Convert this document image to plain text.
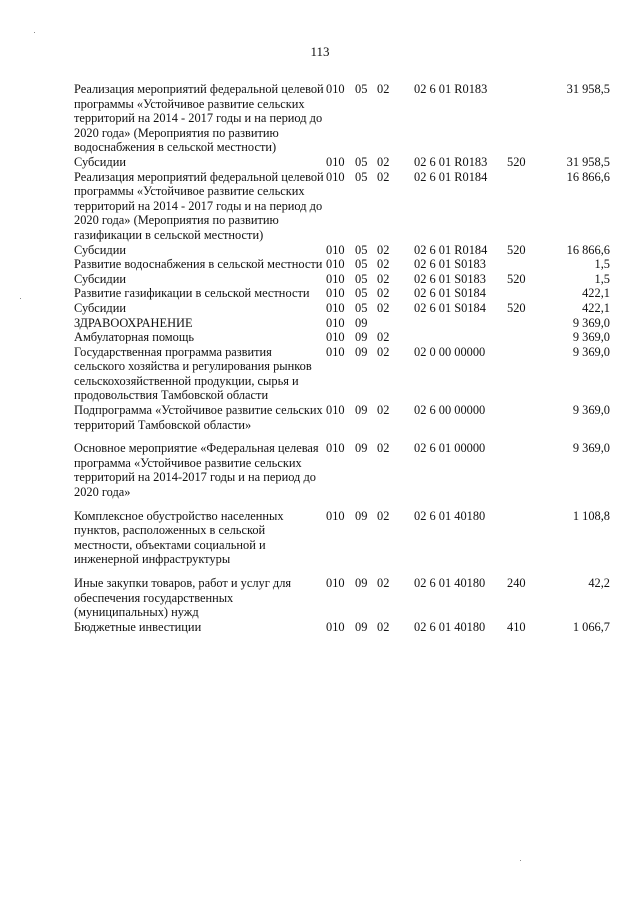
113
Реализация мероприятий федеральной целевой программы «Устойчивое развитие сельских территорий на 2014 - 2017 годы и на период до 2020 года» (Мероприятия по развитию водоснабжения в сельской местности)	010	05	02	02 6 01 R0183		31 958,5
Субсидии	010	05	02	02 6 01 R0183	520	31 958,5
Реализация мероприятий федеральной целевой программы «Устойчивое развитие сельских территорий на 2014 - 2017 годы и на период до 2020 года» (Мероприятия по развитию газификации в сельской местности)	010	05	02	02 6 01 R0184		16 866,6
Субсидии	010	05	02	02 6 01 R0184	520	16 866,6
Развитие водоснабжения в сельской местности	010	05	02	02 6 01 S0183		1,5
Субсидии	010	05	02	02 6 01 S0183	520	1,5
Развитие газификации в сельской местности	010	05	02	02 6 01 S0184		422,1
Субсидии	010	05	02	02 6 01 S0184	520	422,1
ЗДРАВООХРАНЕНИЕ	010	09				9 369,0
Амбулаторная помощь	010	09	02			9 369,0
Государственная программа развития сельского хозяйства и регулирования рынков сельскохозяйственной продукции, сырья и продовольствия Тамбовской области	010	09	02	02 0 00 00000		9 369,0
Подпрограмма «Устойчивое развитие сельских территорий Тамбовской области»	010	09	02	02 6 00 00000		9 369,0

Основное мероприятие «Федеральная целевая программа «Устойчивое развитие сельских территорий на 2014-2017 годы и на период до 2020 года»	010	09	02	02 6 01 00000		9 369,0

Комплексное обустройство населенных пунктов, расположенных в сельской местности, объектами социальной и инженерной инфраструктуры	010	09	02	02 6 01 40180		1 108,8

Иные закупки товаров, работ и услуг для обеспечения государственных (муниципальных) нужд	010	09	02	02 6 01 40180	240	42,2
Бюджетные инвестиции	010	09	02	02 6 01 40180	410	1 066,7
